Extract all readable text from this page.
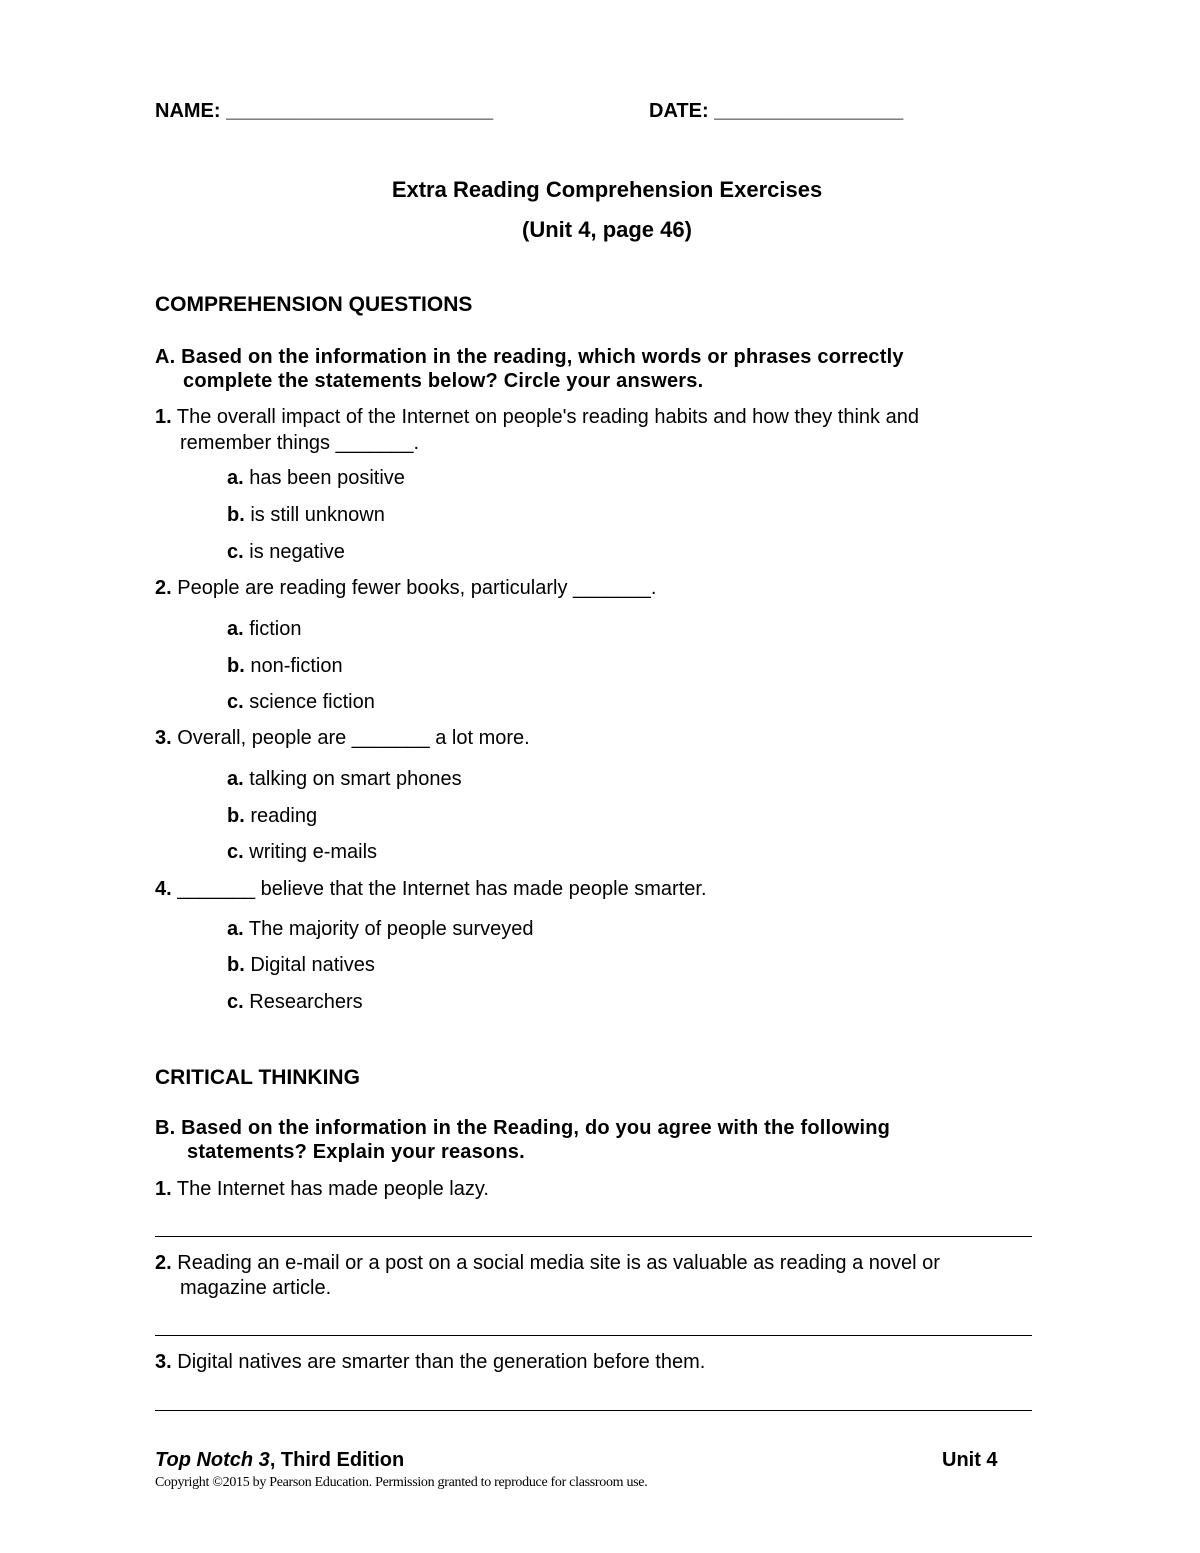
NAME: ________________________	DATE: _________________
Extra Reading Comprehension Exercises
(Unit 4, page 46)
COMPREHENSION QUESTIONS
A. Based on the information in the reading, which words or phrases correctly
complete the statements below? Circle your answers.
1. The overall impact of the Internet on people's reading habits and how they think and
remember things _______.
a. has been positive
b. is still unknown
c. is negative
2. People are reading fewer books, particularly _______.
a. fiction
b. non-fiction
c. science fiction
3. Overall, people are _______ a lot more.
a. talking on smart phones
b. reading
c. writing e-mails
4. _______ believe that the Internet has made people smarter.
a. The majority of people surveyed
b. Digital natives
c. Researchers
CRITICAL THINKING
B. Based on the information in the Reading, do you agree with the following
statements? Explain your reasons.
1. The Internet has made people lazy.
2. Reading an e-mail or a post on a social media site is as valuable as reading a novel or
magazine article.
3. Digital natives are smarter than the generation before them.
Top Notch 3, Third Edition	Unit 4
Copyright ©2015 by Pearson Education. Permission granted to reproduce for classroom use.
